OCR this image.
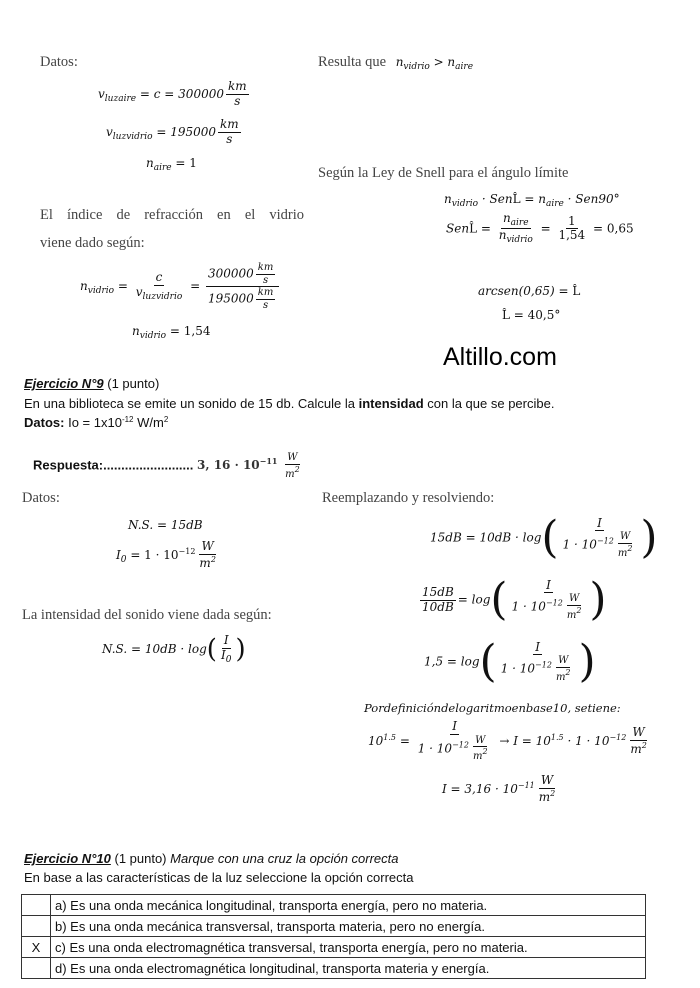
Datos:
$v_{luzaire} = c = 300000 \frac{km}{s}$
$v_{luzvidrio} = 195000 \frac{km}{s}$
$n_{aire} = 1$
El índice de refracción en el vidrio
viene dado según:
$n_{vidrio} = \frac{c}{v_{luzvidrio}} = \frac{300000 \frac{km}{s}}{195000 \frac{km}{s}}$
$n_{vidrio} = 1,54$
Resulta que $n_{vidrio} > n_{aire}$
Según la Ley de Snell para el ángulo límite
$n_{vidrio}$ · SenL̂ = $n_{aire} \cdot Sen90^\circ$
SenL̂ = $\frac{n_{aire}}{n_{vidrio}} = \frac{1}{1,54} = 0,65$
arcsen(0,65) = L̂
L̂ = 40,5°
Altillo.com
Ejercicio N°9 (1 punto)
En una biblioteca se emite un sonido de 15 db. Calcule la intensidad con la que se percibe.
Datos: $Io = 1x10^{-12}$ $W/m^2$
Respuesta:......................... 3, $16 \cdot 10^{-11} \frac{W}{m^2}$
Datos:
N.S. = 15dB
$I_0 = 1 \cdot 10^{-12} \frac{W}{m^2}$
La intensidad del sonido viene dada según:
N.S. = $10dB \cdot \log( \frac{I}{I_0}$ )
Reemplazando y resolviendo:
$15dB = 10dB \cdot \log( \frac{I}{1 \cdot 10^{-12} \frac{W}{m^2}}$ )
$\frac{15dB}{10dB} = \log( \frac{I}{1 \cdot 10^{-12} \frac{W}{m^2}}$ )
$1,5 = \log( \frac{I}{1 \cdot 10^{-12} \frac{W}{m^2}}$ )
Pordefinicióndelogaritmoenbase10, setiene:
$10^{1.5} = \frac{I}{1 \cdot 10^{-12} \frac{W}{m^2}} \to I = 10^{1.5} \cdot 1 \cdot 10^{-12} \frac{W}{m^2}$
$I = 3,16 \cdot 10^{-11} \frac{W}{m^2}$
Ejercicio N°10 (1 punto) Marque con una cruz la opción correcta
En base a las características de la luz seleccione la opción correcta
	a) Es una onda mecánica longitudinal, transporta energía, pero no materia.
	b) Es una onda mecánica transversal, transporta materia, pero no energía.
X	c) Es una onda electromagnética transversal, transporta energía, pero no materia.
	d) Es una onda electromagnética longitudinal, transporta materia y energía.
